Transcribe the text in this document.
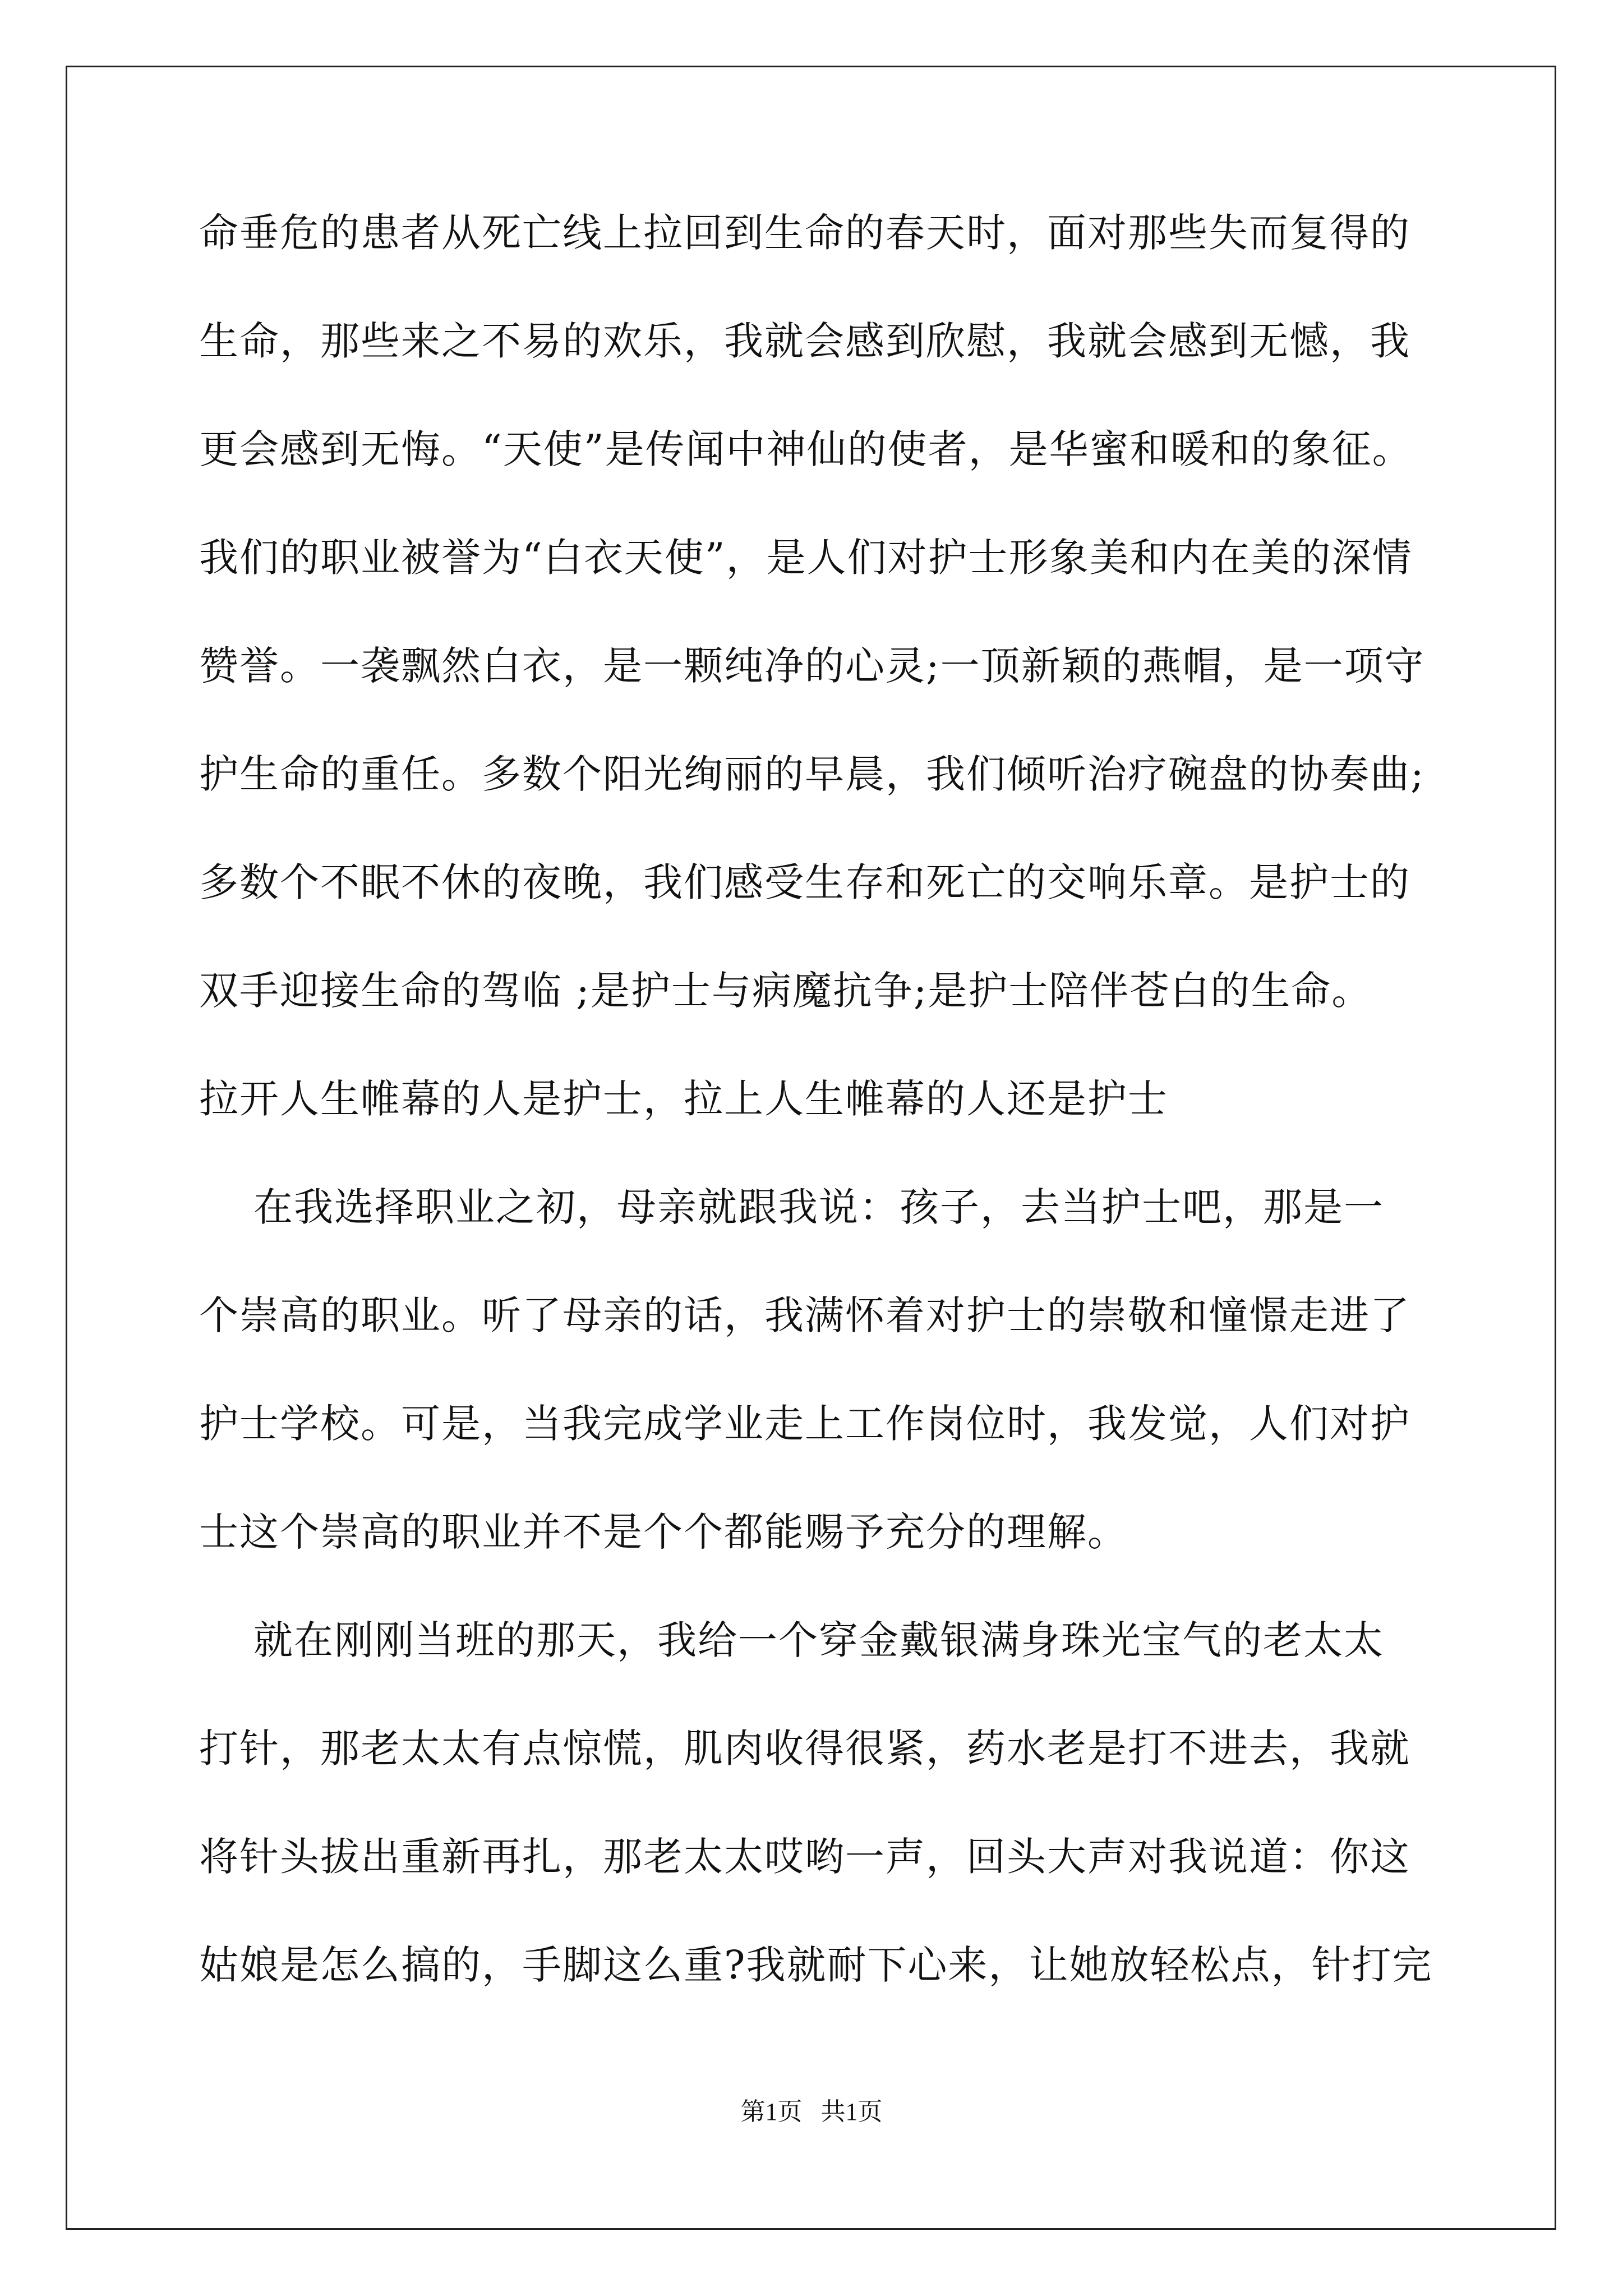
命垂危的患者从死亡线上拉回到生命的春天时，面对那些失而复得的
生命，那些来之不易的欢乐，我就会感到欣慰，我就会感到无憾，我
更会感到无悔。“天使”是传闻中神仙的使者，是华蜜和暖和的象征。
我们的职业被誉为“白衣天使”，是人们对护士形象美和内在美的深情
赞誉。一袭飘然白衣，是一颗纯净的心灵;一顶新颖的燕帽，是一项守
护生命的重任。多数个阳光绚丽的早晨，我们倾听治疗碗盘的协奏曲;
多数个不眠不休的夜晚，我们感受生存和死亡的交响乐章。是护士的
双手迎接生命的驾临 ;是护士与病魔抗争;是护士陪伴苍白的生命。
拉开人生帷幕的人是护士，拉上人生帷幕的人还是护士
在我选择职业之初，母亲就跟我说：孩子，去当护士吧，那是一
个崇高的职业。听了母亲的话，我满怀着对护士的崇敬和憧憬走进了
护士学校。可是，当我完成学业走上工作岗位时，我发觉，人们对护
士这个崇高的职业并不是个个都能赐予充分的理解。
就在刚刚当班的那天，我给一个穿金戴银满身珠光宝气的老太太
打针，那老太太有点惊慌，肌肉收得很紧，药水老是打不进去，我就
将针头拔出重新再扎，那老太太哎哟一声，回头大声对我说道：你这
姑娘是怎么搞的，手脚这么重?我就耐下心来，让她放轻松点，针打完
第1页   共1页
